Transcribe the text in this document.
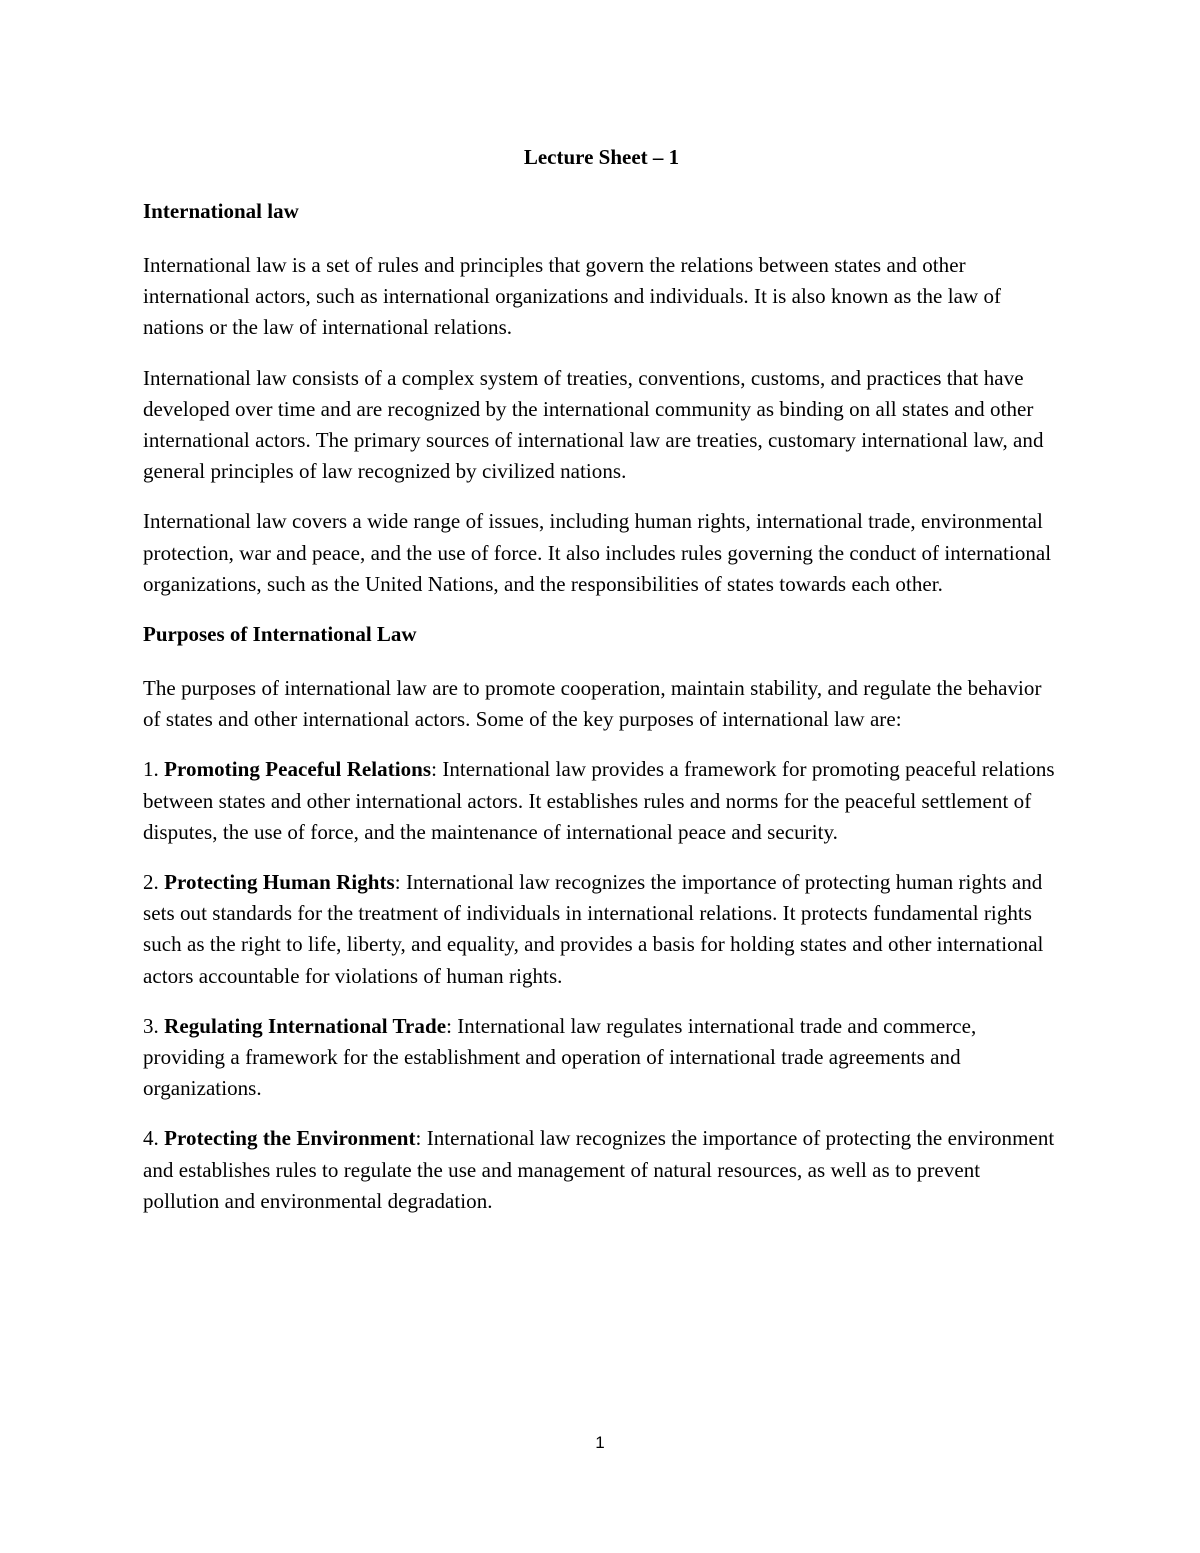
Lecture Sheet – 1
International law

International law is a set of rules and principles that govern the relations between states and other international actors, such as international organizations and individuals. It is also known as the law of nations or the law of international relations.

International law consists of a complex system of treaties, conventions, customs, and practices that have developed over time and are recognized by the international community as binding on all states and other international actors. The primary sources of international law are treaties, customary international law, and general principles of law recognized by civilized nations.

International law covers a wide range of issues, including human rights, international trade, environmental protection, war and peace, and the use of force. It also includes rules governing the conduct of international organizations, such as the United Nations, and the responsibilities of states towards each other.

Purposes of International Law

The purposes of international law are to promote cooperation, maintain stability, and regulate the behavior of states and other international actors. Some of the key purposes of international law are:

1. Promoting Peaceful Relations: International law provides a framework for promoting peaceful relations between states and other international actors. It establishes rules and norms for the peaceful settlement of disputes, the use of force, and the maintenance of international peace and security.

2. Protecting Human Rights: International law recognizes the importance of protecting human rights and sets out standards for the treatment of individuals in international relations. It protects fundamental rights such as the right to life, liberty, and equality, and provides a basis for holding states and other international actors accountable for violations of human rights.

3. Regulating International Trade: International law regulates international trade and commerce, providing a framework for the establishment and operation of international trade agreements and organizations.

4. Protecting the Environment: International law recognizes the importance of protecting the environment and establishes rules to regulate the use and management of natural resources, as well as to prevent pollution and environmental degradation.

1
